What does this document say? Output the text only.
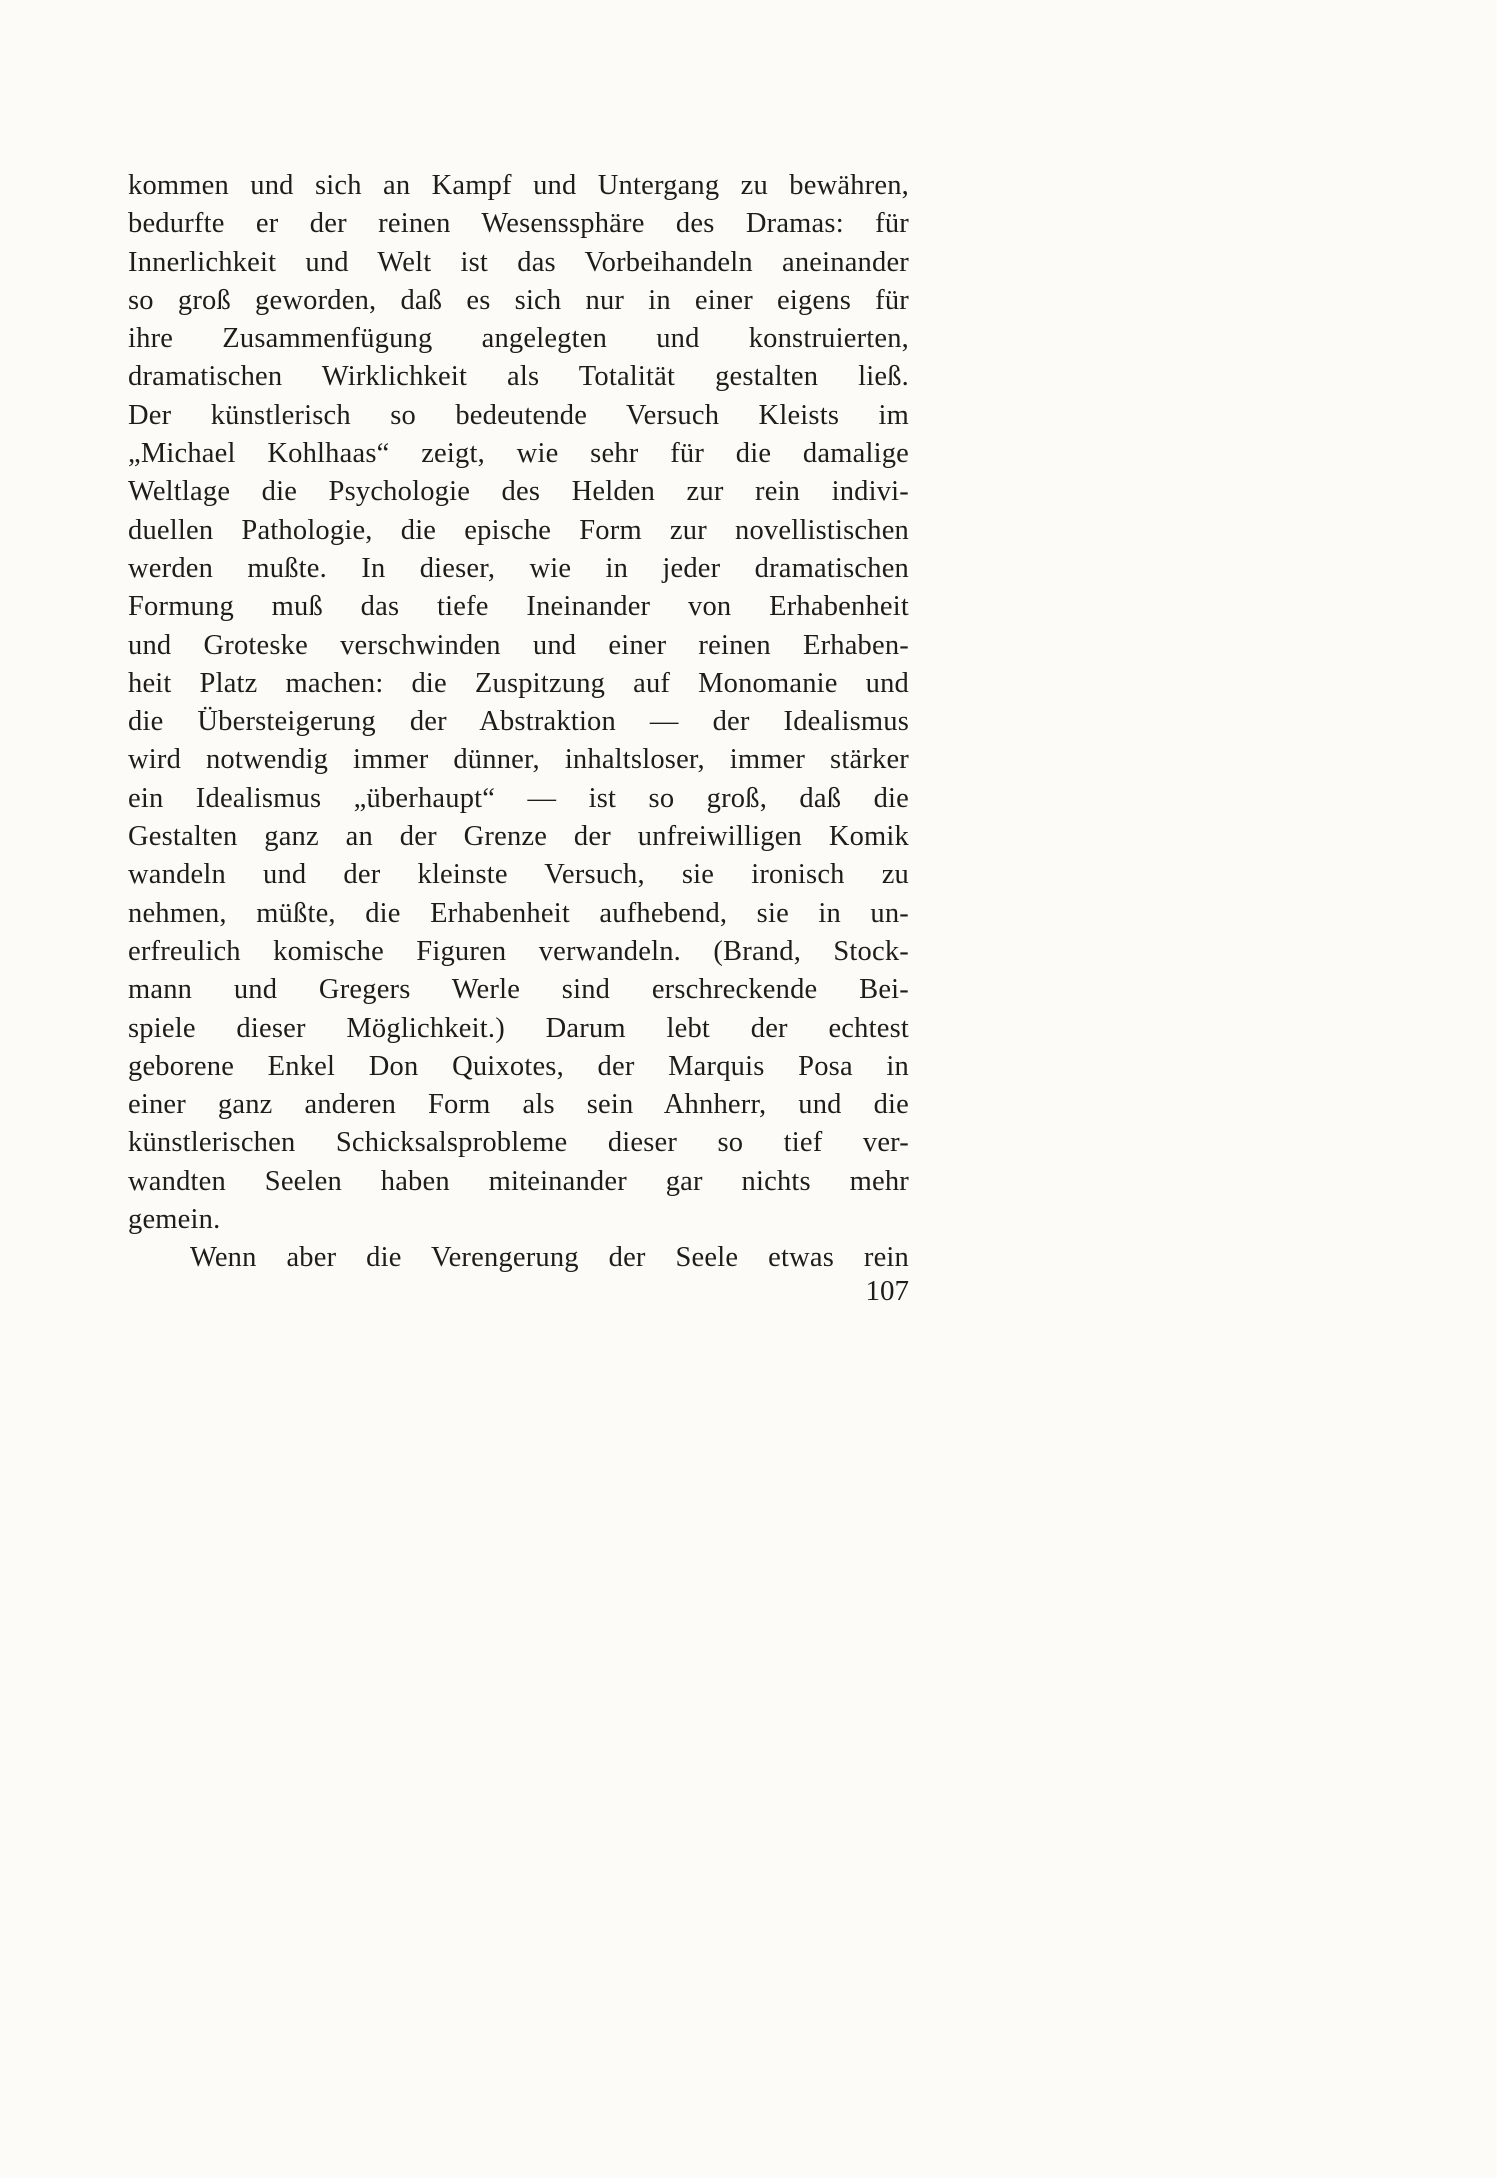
kommen und sich an Kampf und Untergang zu bewähren,
bedurfte er der reinen Wesenssphäre des Dramas: für
Innerlichkeit und Welt ist das Vorbeihandeln aneinander
so groß geworden, daß es sich nur in einer eigens für
ihre Zusammenfügung angelegten und konstruierten,
dramatischen Wirklichkeit als Totalität gestalten ließ.
Der künstlerisch so bedeutende Versuch Kleists im
„Michael Kohlhaas“ zeigt, wie sehr für die damalige
Weltlage die Psychologie des Helden zur rein indivi-
duellen Pathologie, die epische Form zur novellistischen
werden mußte. In dieser, wie in jeder dramatischen
Formung muß das tiefe Ineinander von Erhabenheit
und Groteske verschwinden und einer reinen Erhaben-
heit Platz machen: die Zuspitzung auf Monomanie und
die Übersteigerung der Abstraktion — der Idealismus
wird notwendig immer dünner, inhaltsloser, immer stärker
ein Idealismus „überhaupt“ — ist so groß, daß die
Gestalten ganz an der Grenze der unfreiwilligen Komik
wandeln und der kleinste Versuch, sie ironisch zu
nehmen, müßte, die Erhabenheit aufhebend, sie in un-
erfreulich komische Figuren verwandeln. (Brand, Stock-
mann und Gregers Werle sind erschreckende Bei-
spiele dieser Möglichkeit.) Darum lebt der echtest
geborene Enkel Don Quixotes, der Marquis Posa in
einer ganz anderen Form als sein Ahnherr, und die
künstlerischen Schicksalsprobleme dieser so tief ver-
wandten Seelen haben miteinander gar nichts mehr
gemein.
Wenn aber die Verengerung der Seele etwas rein
107
